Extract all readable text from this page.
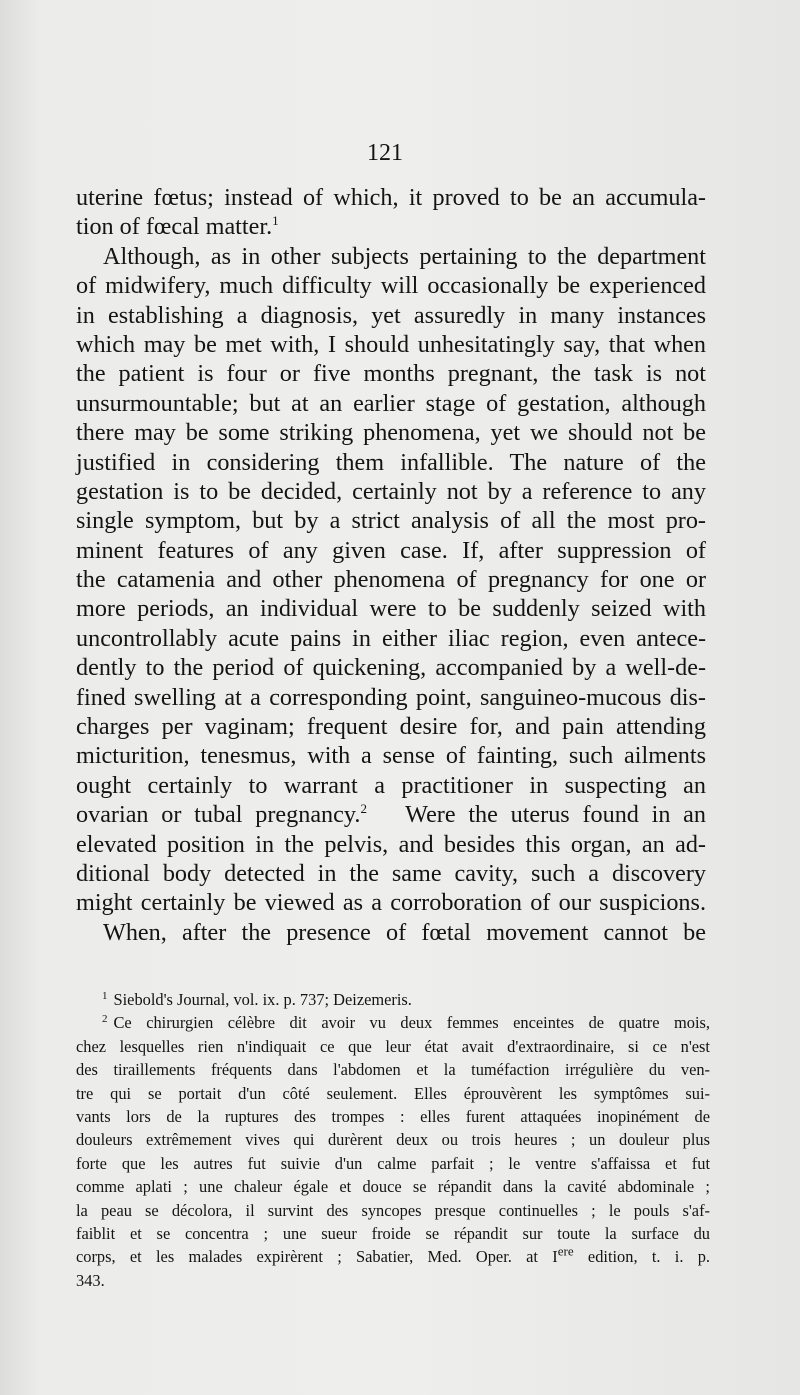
121
uterine fœtus; instead of which, it proved to be an accumula-
tion of fœcal matter.$^1$
Although, as in other subjects pertaining to the department
of midwifery, much difficulty will occasionally be experienced
in establishing a diagnosis, yet assuredly in many instances
which may be met with, I should unhesitatingly say, that when
the patient is four or five months pregnant, the task is not
unsurmountable; but at an earlier stage of gestation, although
there may be some striking phenomena, yet we should not be
justified in considering them infallible. The nature of the
gestation is to be decided, certainly not by a reference to any
single symptom, but by a strict analysis of all the most pro-
minent features of any given case. If, after suppression of
the catamenia and other phenomena of pregnancy for one or
more periods, an individual were to be suddenly seized with
uncontrollably acute pains in either iliac region, even antece-
dently to the period of quickening, accompanied by a well-de-
fined swelling at a corresponding point, sanguineo-mucous dis-
charges per vaginam; frequent desire for, and pain attending
micturition, tenesmus, with a sense of fainting, such ailments
ought certainly to warrant a practitioner in suspecting an
ovarian or tubal pregnancy.$^2$ Were the uterus found in an
elevated position in the pelvis, and besides this organ, an ad-
ditional body detected in the same cavity, such a discovery
might certainly be viewed as a corroboration of our suspicions.
When, after the presence of fœtal movement cannot be
$^1$ Siebold's Journal, vol. ix. p. 737; Deizemeris.
$^2$ Ce chirurgien célèbre dit avoir vu deux femmes enceintes de quatre mois,
chez lesquelles rien n'indiquait ce que leur état avait d'extraordinaire, si ce n'est
des tiraillements fréquents dans l'abdomen et la tuméfaction irrégulière du ven-
tre qui se portait d'un côté seulement. Elles éprouvèrent les symptômes sui-
vants lors de la ruptures des trompes : elles furent attaquées inopinément de
douleurs extrêmement vives qui durèrent deux ou trois heures ; un douleur plus
forte que les autres fut suivie d'un calme parfait ; le ventre s'affaissa et fut
comme aplati ; une chaleur égale et douce se répandit dans la cavité abdominale ;
la peau se décolora, il survint des syncopes presque continuelles ; le pouls s'af-
faiblit et se concentra ; une sueur froide se répandit sur toute la surface du
corps, et les malades expirèrent ; Sabatier, Med. Oper. at Iere edition, t. i. p.
343.
